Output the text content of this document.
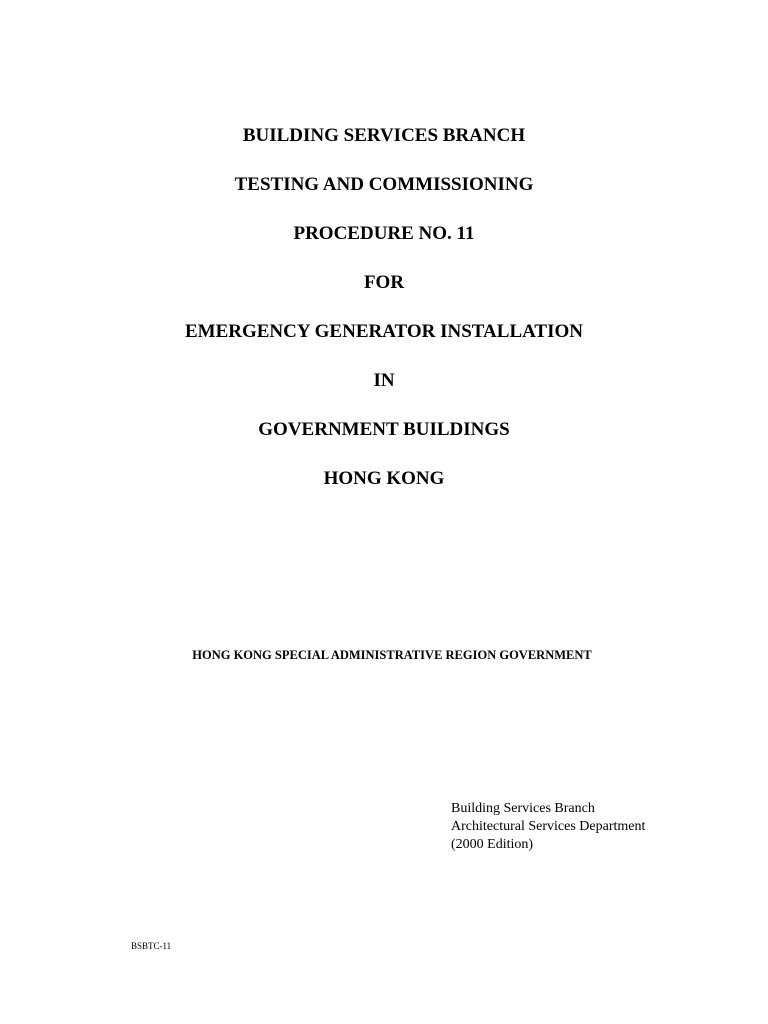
BUILDING SERVICES BRANCH
TESTING AND COMMISSIONING
PROCEDURE NO. 11
FOR
EMERGENCY GENERATOR INSTALLATION
IN
GOVERNMENT BUILDINGS
HONG KONG
HONG KONG SPECIAL ADMINISTRATIVE REGION GOVERNMENT
Building Services Branch
Architectural Services Department
(2000 Edition)
BSBTC-11
